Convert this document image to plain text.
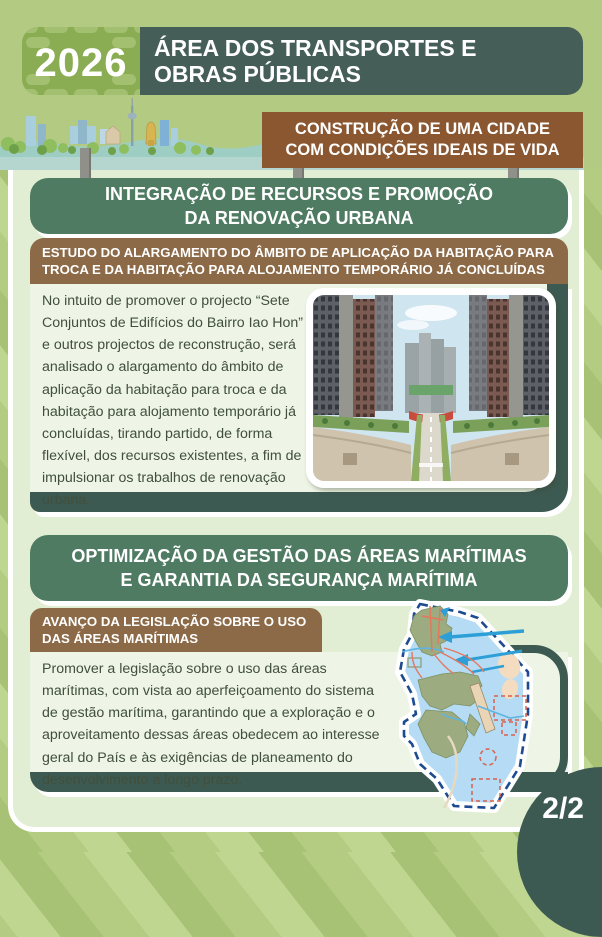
2026	ÁREA DOS TRANSPORTES E
OBRAS PÚBLICAS
CONSTRUÇÃO DE UMA CIDADE
COM CONDIÇÕES IDEAIS DE VIDA
INTEGRAÇÃO DE RECURSOS E PROMOÇÃO
DA RENOVAÇÃO URBANA
ESTUDO DO ALARGAMENTO DO ÂMBITO DE APLICAÇÃO DA HABITAÇÃO PARA
TROCA E DA HABITAÇÃO PARA ALOJAMENTO TEMPORÁRIO JÁ CONCLUÍDAS
No intuito de promover o projecto “Sete Conjuntos de Edifícios do Bairro Iao Hon” e outros projectos de reconstrução, será analisado o alargamento do âmbito de aplicação da habitação para troca e da habitação para alojamento temporário já concluídas, tirando partido, de forma flexível, dos recursos existentes, a fim de impulsionar os trabalhos de renovação urbana.
OPTIMIZAÇÃO DA GESTÃO DAS ÁREAS MARÍTIMAS
E GARANTIA DA SEGURANÇA MARÍTIMA
AVANÇO DA LEGISLAÇÃO SOBRE O USO
DAS ÁREAS MARÍTIMAS
Promover a legislação sobre o uso das áreas marítimas, com vista ao aperfeiçoamento do sistema de gestão marítima, garantindo que a exploração e o aproveitamento dessas áreas obedecem ao interesse geral do País e às exigências de planeamento do desenvolvimento a longo prazo.
2/2
